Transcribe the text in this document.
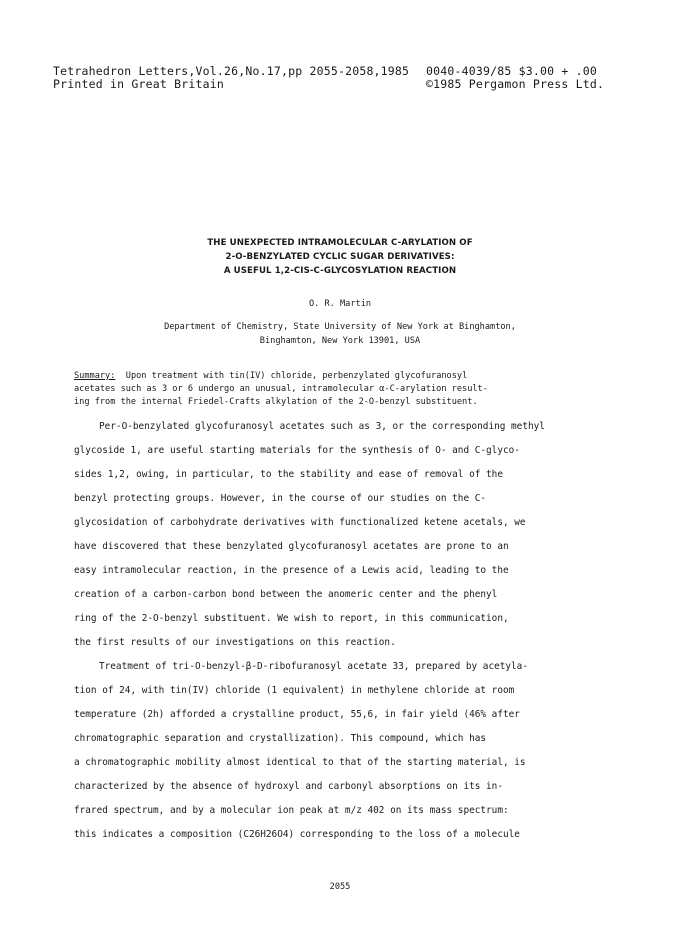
Tetrahedron Letters,Vol.26,No.17,pp 2055-2058,1985 0040-4039/85 $3.00 + .00
Printed in Great Britain	©1985 Pergamon Press Ltd.
THE UNEXPECTED INTRAMOLECULAR C-ARYLATION OF
2-O-BENZYLATED CYCLIC SUGAR DERIVATIVES:
A USEFUL 1,2-CIS-C-GLYCOSYLATION REACTION
O. R. Martin
Department of Chemistry, State University of New York at Binghamton,
Binghamton, New York 13901, USA
Summary: Upon treatment with tin(IV) chloride, perbenzylated glycofuranosyl
acetates such as 3 or 6 undergo an unusual, intramolecular α-C-arylation result-
ing from the internal Friedel-Crafts alkylation of the 2-O-benzyl substituent.
Per-O-benzylated glycofuranosyl acetates such as 3, or the corresponding methyl
glycoside 1, are useful starting materials for the synthesis of O- and C-glyco-
sides 1,2, owing, in particular, to the stability and ease of removal of the
benzyl protecting groups. However, in the course of our studies on the C-
glycosidation of carbohydrate derivatives with functionalized ketene acetals, we
have discovered that these benzylated glycofuranosyl acetates are prone to an
easy intramolecular reaction, in the presence of a Lewis acid, leading to the
creation of a carbon-carbon bond between the anomeric center and the phenyl
ring of the 2-O-benzyl substituent. We wish to report, in this communication,
the first results of our investigations on this reaction.
Treatment of tri-O-benzyl-β-D-ribofuranosyl acetate 33, prepared by acetyla-
tion of 24, with tin(IV) chloride (1 equivalent) in methylene chloride at room
temperature (2h) afforded a crystalline product, 55,6, in fair yield (46% after
chromatographic separation and crystallization). This compound, which has
a chromatographic mobility almost identical to that of the starting material, is
characterized by the absence of hydroxyl and carbonyl absorptions on its in-
frared spectrum, and by a molecular ion peak at m/z 402 on its mass spectrum:
this indicates a composition (C26H26O4) corresponding to the loss of a molecule
2055
